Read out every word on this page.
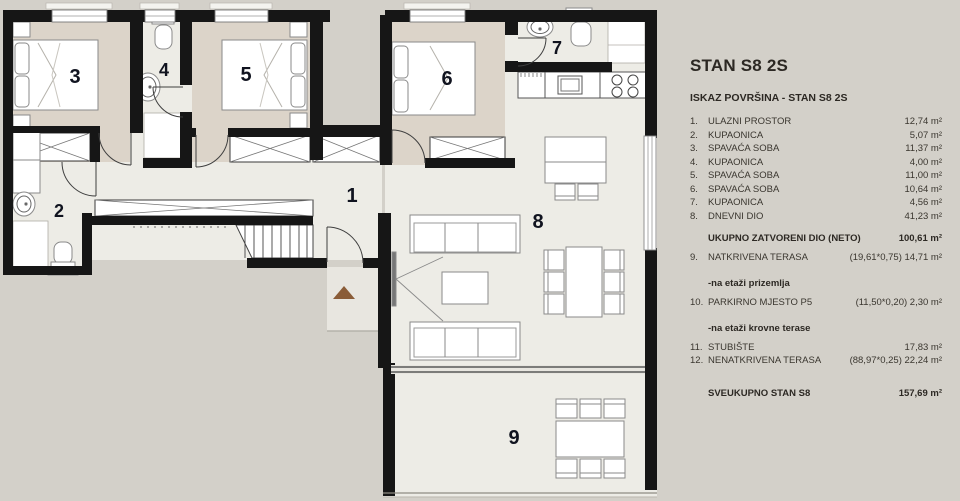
1
2
3	4	5	6
7
8
9
STAN S8 2S
ISKAZ POVRŠINA - STAN S8 2S
1.	ULAZNI PROSTOR	12,74 m²
2.	KUPAONICA	5,07 m²
3.	SPAVAĆA SOBA	11,37 m²
4.	KUPAONICA	4,00 m²
5.	SPAVAĆA SOBA	11,00 m²
6.	SPAVAĆA SOBA	10,64 m²
7.	KUPAONICA	4,56 m²
8.	DNEVNI DIO	41,23 m²
UKUPNO ZATVORENI DIO (NETO)	100,61 m²
9.	NATKRIVENA TERASA	(19,61*0,75) 14,71 m²
-na etaži prizemlja
10. PARKIRNO MJESTO P5	(11,50*0,20) 2,30 m²
-na etaži krovne terase
11. STUBIŠTE	17,83 m²
12. NENATKRIVENA TERASA	(88,97*0,25) 22,24 m²
SVEUKUPNO STAN S8	157,69 m²
